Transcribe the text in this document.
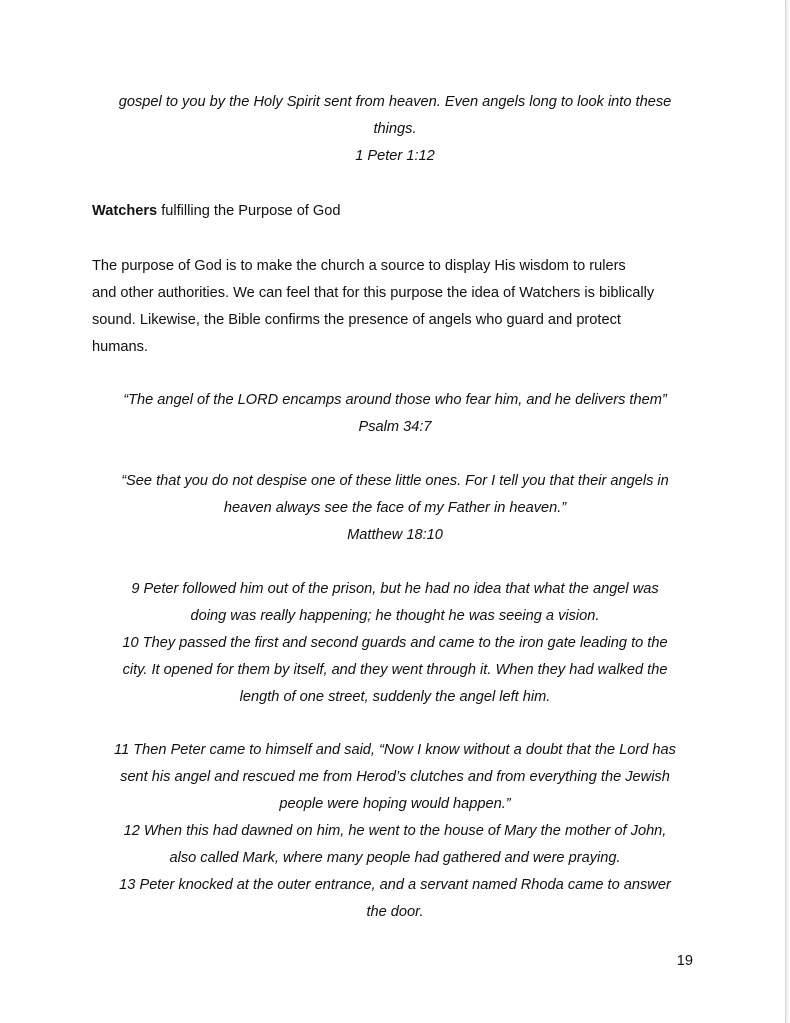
gospel to you by the Holy Spirit sent from heaven. Even angels long to look into these

things.

1 Peter 1:12

Watchers fulfilling the Purpose of God

The purpose of God is to make the church a source to display His wisdom to rulers

and other authorities. We can feel that for this purpose the idea of Watchers is biblically

sound. Likewise, the Bible confirms the presence of angels who guard and protect

humans.

“The angel of the LORD encamps around those who fear him, and he delivers them”

Psalm 34:7

“See that you do not despise one of these little ones. For I tell you that their angels in

heaven always see the face of my Father in heaven.”

Matthew 18:10

9 Peter followed him out of the prison, but he had no idea that what the angel was

doing was really happening; he thought he was seeing a vision.

10 They passed the first and second guards and came to the iron gate leading to the

city. It opened for them by itself, and they went through it. When they had walked the

length of one street, suddenly the angel left him.

11 Then Peter came to himself and said, “Now I know without a doubt that the Lord has

sent his angel and rescued me from Herod’s clutches and from everything the Jewish

people were hoping would happen.”

12 When this had dawned on him, he went to the house of Mary the mother of John,

also called Mark, where many people had gathered and were praying.

13 Peter knocked at the outer entrance, and a servant named Rhoda came to answer

the door.

19
